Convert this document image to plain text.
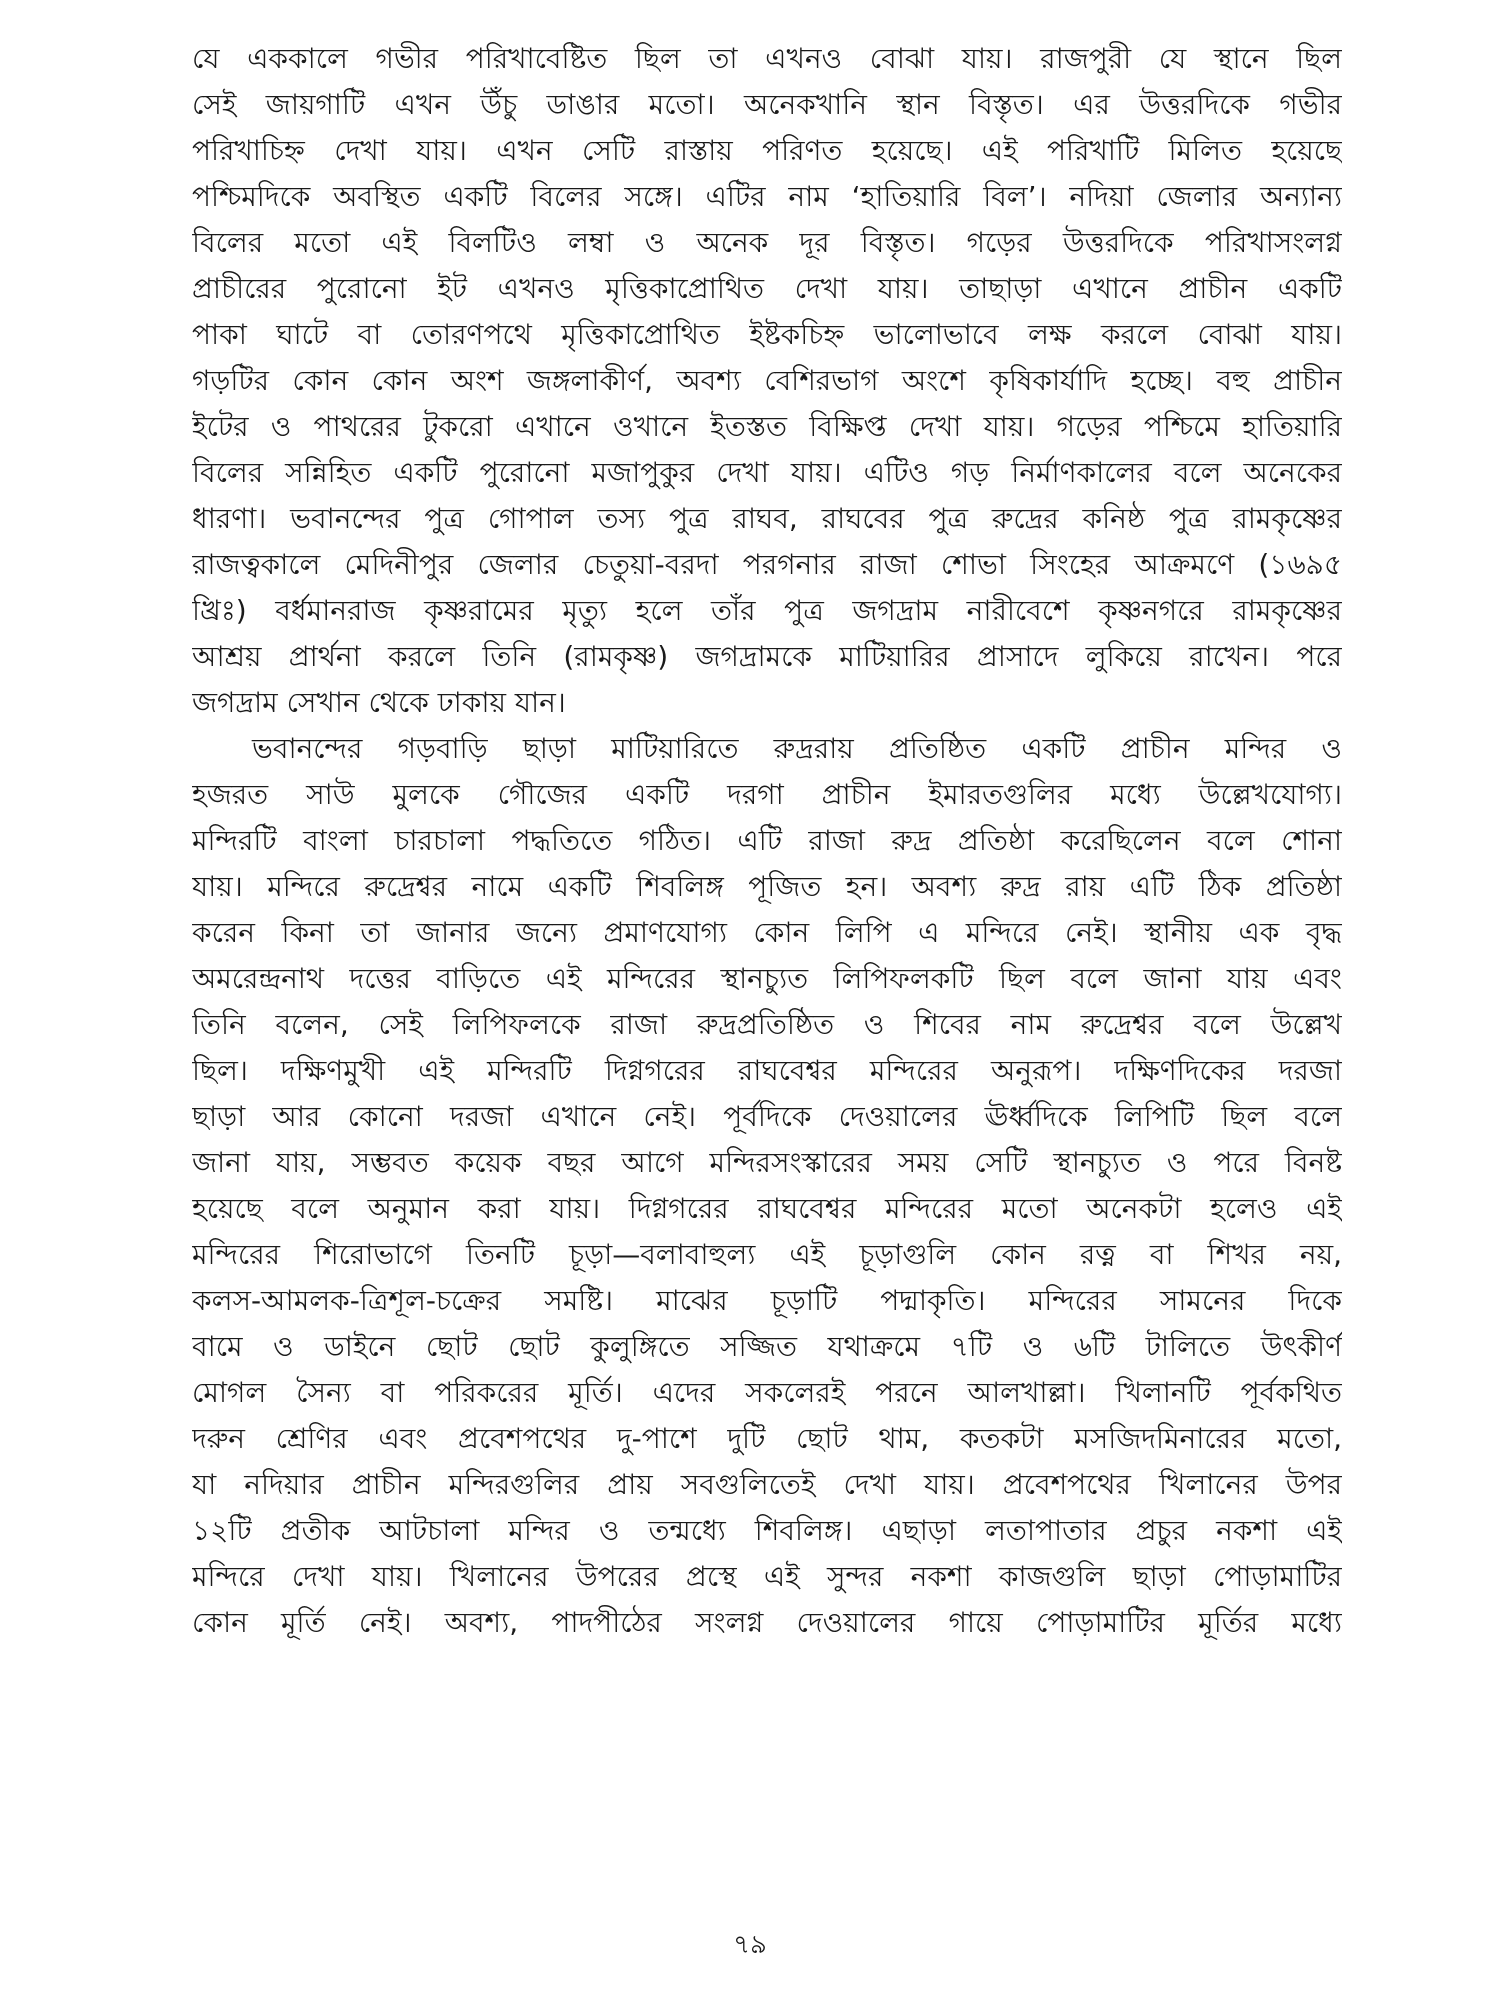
যে এককালে গভীর পরিখাবেষ্টিত ছিল তা এখনও বোঝা যায়। রাজপুরী যে স্থানে ছিল
সেই জায়গাটি এখন উঁচু ডাঙার মতো। অনেকখানি স্থান বিস্তৃত। এর উত্তরদিকে গভীর
পরিখাচিহ্ন দেখা যায়। এখন সেটি রাস্তায় পরিণত হয়েছে। এই পরিখাটি মিলিত হয়েছে
পশ্চিমদিকে অবস্থিত একটি বিলের সঙ্গে। এটির নাম ‘হাতিয়ারি বিল’। নদিয়া জেলার অন্যান্য
বিলের মতো এই বিলটিও লম্বা ও অনেক দূর বিস্তৃত। গড়ের উত্তরদিকে পরিখাসংলগ্ন
প্রাচীরের পুরোনো ইট এখনও মৃত্তিকাপ্রোথিত দেখা যায়। তাছাড়া এখানে প্রাচীন একটি
পাকা ঘাটে বা তোরণপথে মৃত্তিকাপ্রোথিত ইষ্টকচিহ্ন ভালোভাবে লক্ষ করলে বোঝা যায়।
গড়টির কোন কোন অংশ জঙ্গলাকীর্ণ, অবশ্য বেশিরভাগ অংশে কৃষিকার্যাদি হচ্ছে। বহু প্রাচীন
ইটের ও পাথরের টুকরো এখানে ওখানে ইতস্তত বিক্ষিপ্ত দেখা যায়। গড়ের পশ্চিমে হাতিয়ারি
বিলের সন্নিহিত একটি পুরোনো মজাপুকুর দেখা যায়। এটিও গড় নির্মাণকালের বলে অনেকের
ধারণা। ভবানন্দের পুত্র গোপাল তস্য পুত্র রাঘব, রাঘবের পুত্র রুদ্রের কনিষ্ঠ পুত্র রামকৃষ্ণের
রাজত্বকালে মেদিনীপুর জেলার চেতুয়া-বরদা পরগনার রাজা শোভা সিংহের আক্রমণে (১৬৯৫
খ্রিঃ) বর্ধমানরাজ কৃষ্ণরামের মৃত্যু হলে তাঁর পুত্র জগদ্রাম নারীবেশে কৃষ্ণনগরে রামকৃষ্ণের
আশ্রয় প্রার্থনা করলে তিনি (রামকৃষ্ণ) জগদ্রামকে মাটিয়ারির প্রাসাদে লুকিয়ে রাখেন। পরে
জগদ্রাম সেখান থেকে ঢাকায় যান।
ভবানন্দের গড়বাড়ি ছাড়া মাটিয়ারিতে রুদ্ররায় প্রতিষ্ঠিত একটি প্রাচীন মন্দির ও
হজরত সাউ মুলকে গৌজের একটি দরগা প্রাচীন ইমারতগুলির মধ্যে উল্লেখযোগ্য।
মন্দিরটি বাংলা চারচালা পদ্ধতিতে গঠিত। এটি রাজা রুদ্র প্রতিষ্ঠা করেছিলেন বলে শোনা
যায়। মন্দিরে রুদ্রেশ্বর নামে একটি শিবলিঙ্গ পূজিত হন। অবশ্য রুদ্র রায় এটি ঠিক প্রতিষ্ঠা
করেন কিনা তা জানার জন্যে প্রমাণযোগ্য কোন লিপি এ মন্দিরে নেই। স্থানীয় এক বৃদ্ধ
অমরেন্দ্রনাথ দত্তের বাড়িতে এই মন্দিরের স্থানচ্যুত লিপিফলকটি ছিল বলে জানা যায় এবং
তিনি বলেন, সেই লিপিফলকে রাজা রুদ্রপ্রতিষ্ঠিত ও শিবের নাম রুদ্রেশ্বর বলে উল্লেখ
ছিল। দক্ষিণমুখী এই মন্দিরটি দিগ্নগরের রাঘবেশ্বর মন্দিরের অনুরূপ। দক্ষিণদিকের দরজা
ছাড়া আর কোনো দরজা এখানে নেই। পূর্বদিকে দেওয়ালের ঊর্ধ্বদিকে লিপিটি ছিল বলে
জানা যায়, সম্ভবত কয়েক বছর আগে মন্দিরসংস্কারের সময় সেটি স্থানচ্যুত ও পরে বিনষ্ট
হয়েছে বলে অনুমান করা যায়। দিগ্নগরের রাঘবেশ্বর মন্দিরের মতো অনেকটা হলেও এই
মন্দিরের শিরোভাগে তিনটি চূড়া—বলাবাহুল্য এই চূড়াগুলি কোন রত্ন বা শিখর নয়,
কলস-আমলক-ত্রিশূল-চক্রের সমষ্টি। মাঝের চূড়াটি পদ্মাকৃতি। মন্দিরের সামনের দিকে
বামে ও ডাইনে ছোট ছোট কুলুঙ্গিতে সজ্জিত যথাক্রমে ৭টি ও ৬টি টালিতে উৎকীর্ণ
মোগল সৈন্য বা পরিকরের মূর্তি। এদের সকলেরই পরনে আলখাল্লা। খিলানটি পূর্বকথিত
দরুন শ্রেণির এবং প্রবেশপথের দু-পাশে দুটি ছোট থাম, কতকটা মসজিদমিনারের মতো,
যা নদিয়ার প্রাচীন মন্দিরগুলির প্রায় সবগুলিতেই দেখা যায়। প্রবেশপথের খিলানের উপর
১২টি প্রতীক আটচালা মন্দির ও তন্মধ্যে শিবলিঙ্গ। এছাড়া লতাপাতার প্রচুর নকশা এই
মন্দিরে দেখা যায়। খিলানের উপরের প্রস্থে এই সুন্দর নকশা কাজগুলি ছাড়া পোড়ামাটির
কোন মূর্তি নেই। অবশ্য, পাদপীঠের সংলগ্ন দেওয়ালের গায়ে পোড়ামাটির মূর্তির মধ্যে
৭৯
